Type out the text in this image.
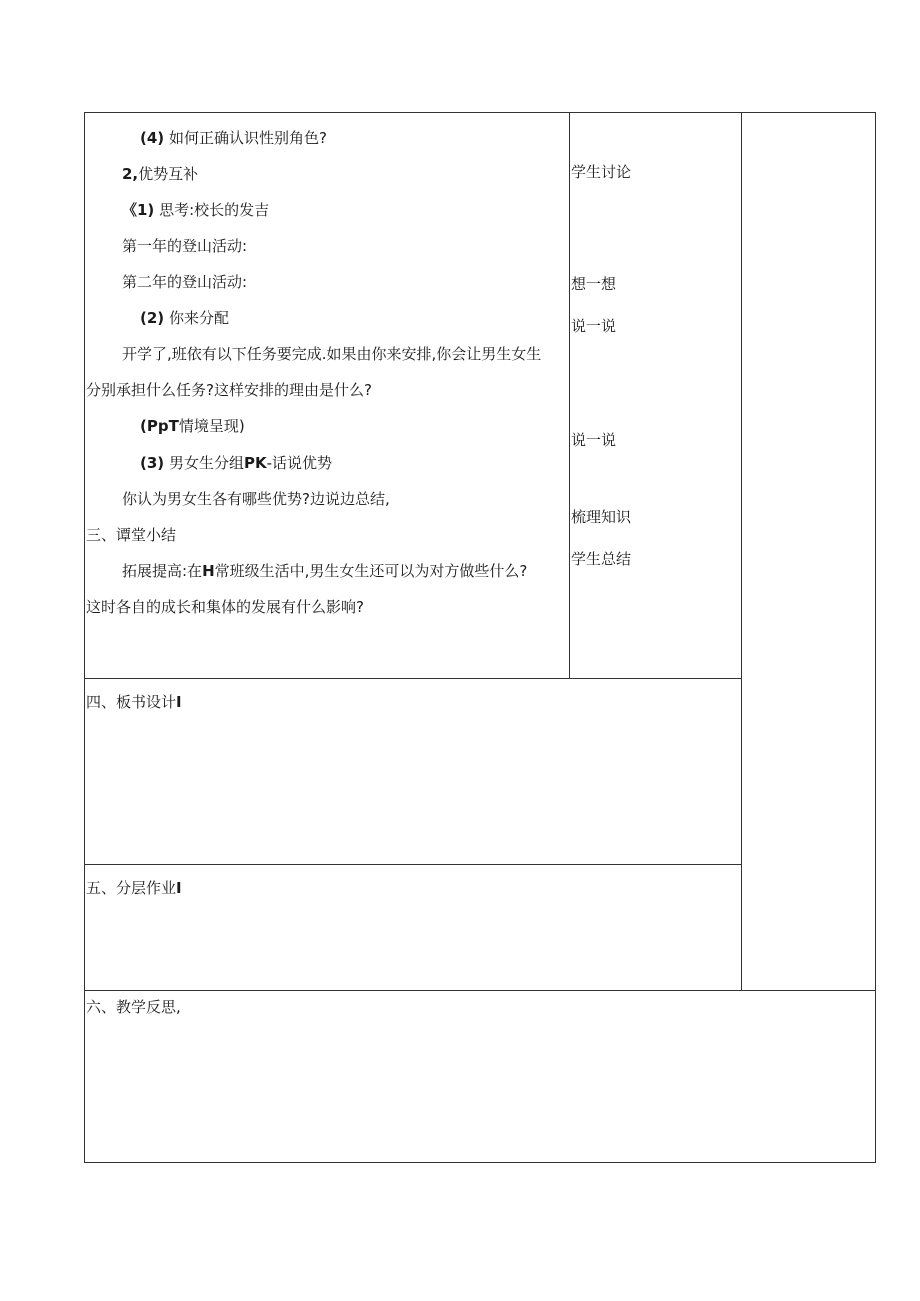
(4) 如何正确认识性别角色?
2,优势互补
《1) 思考:校长的发吉
第一年的登山活动:
第二年的登山活动:
(2) 你来分配
开学了,班依有以下任务要完成.如果由你来安排,你会让男生女生
分别承担什么任务?这样安排的理由是什么?
(PpT情境呈现)
(3) 男女生分组PK-话说优势
你认为男女生各有哪些优势?边说边总结,
三、谭堂小结
拓展提高:在H常班级生活中,男生女生还可以为对方做些什么?
这时各自的成长和集体的发展有什么影响?
学生讨论
想一想
说一说
说一说
梳理知识
学生总结
四、板书设计I
五、分层作业I
六、教学反思,
